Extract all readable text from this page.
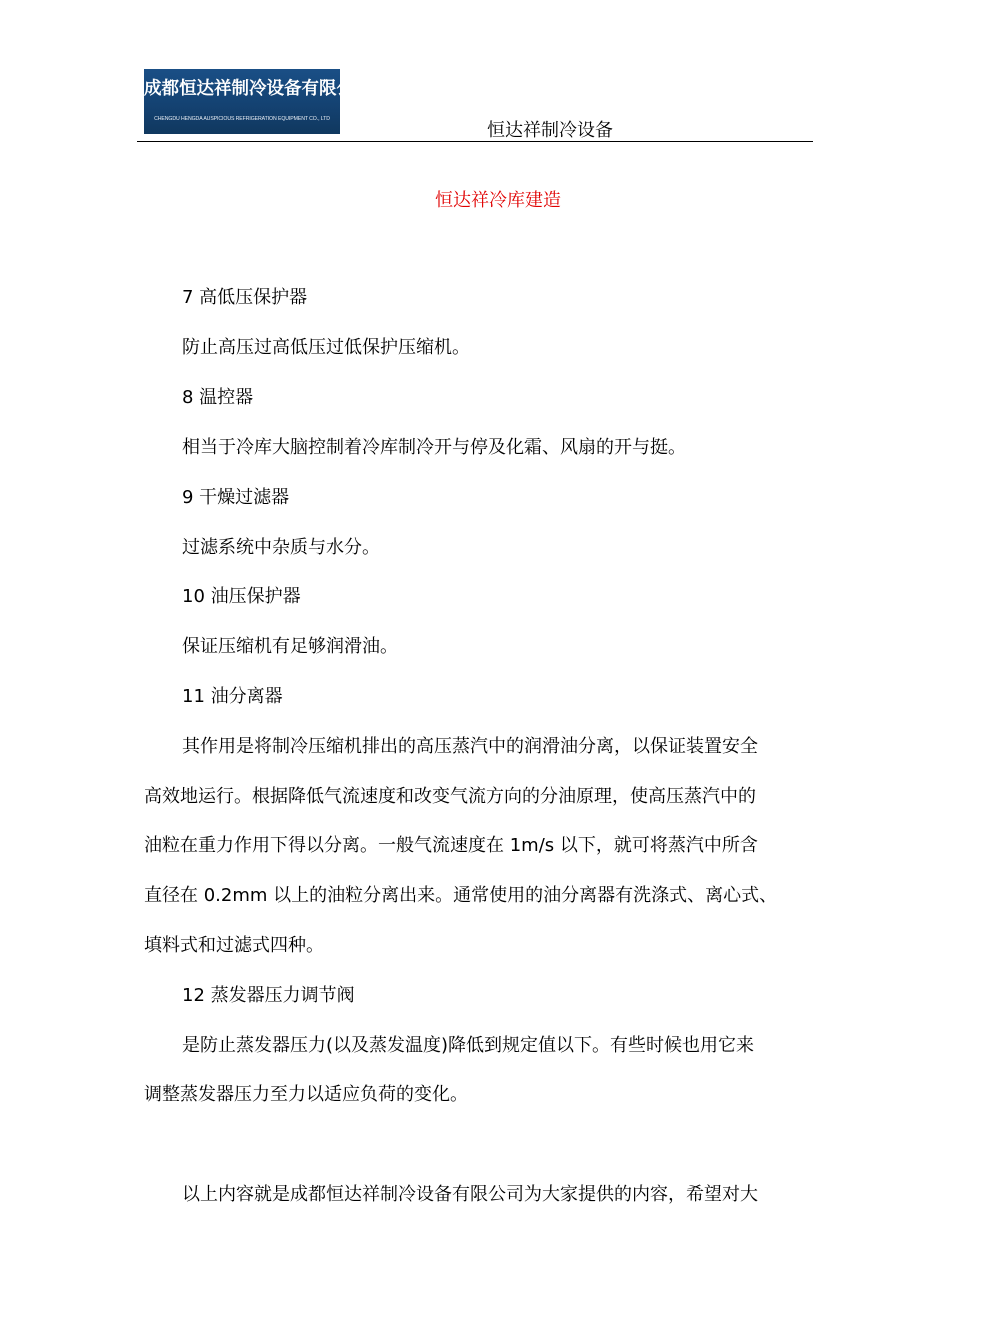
成都恒达祥制冷设备有限公司
CHENGDU HENGDA AUSPICIOUS REFRIGERATION EQUIPMENT CO., LTD
恒达祥制冷设备
恒达祥冷库建造
7 高低压保护器
防止高压过高低压过低保护压缩机。
8 温控器
相当于冷库大脑控制着冷库制冷开与停及化霜、风扇的开与挺。
9 干燥过滤器
过滤系统中杂质与水分。
10 油压保护器
保证压缩机有足够润滑油。
11 油分离器
其作用是将制冷压缩机排出的高压蒸汽中的润滑油分离，以保证装置安全
高效地运行。根据降低气流速度和改变气流方向的分油原理，使高压蒸汽中的
油粒在重力作用下得以分离。一般气流速度在 1m/s 以下，就可将蒸汽中所含
直径在 0.2mm 以上的油粒分离出来。通常使用的油分离器有洗涤式、离心式、
填料式和过滤式四种。
12 蒸发器压力调节阀
是防止蒸发器压力(以及蒸发温度)降低到规定值以下。有些时候也用它来
调整蒸发器压力至力以适应负荷的变化。
以上内容就是成都恒达祥制冷设备有限公司为大家提供的内容，希望对大
